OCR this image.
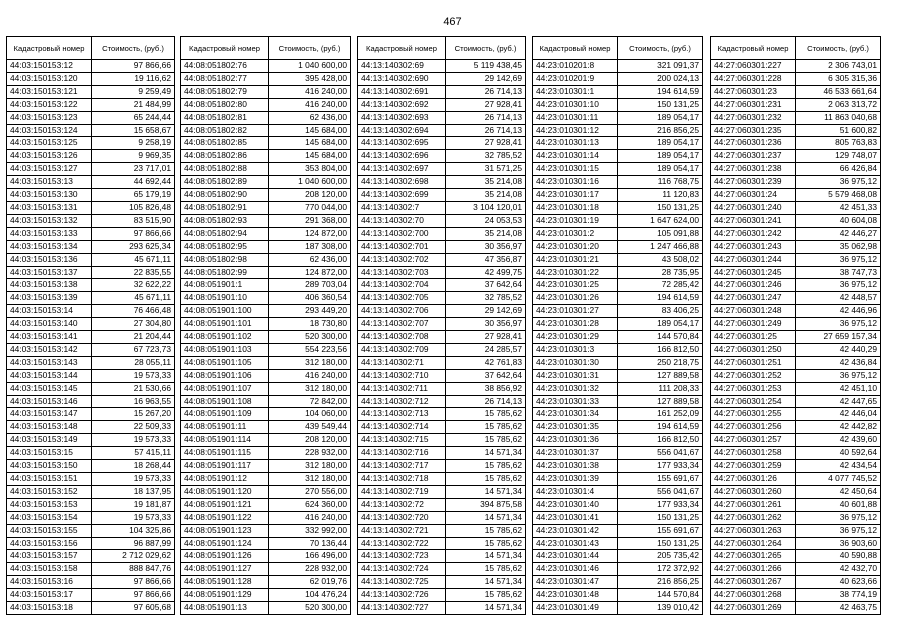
467
Кадастровый номер	Стоимость, (руб.)
44:03:150153:12	97 866,66
44:03:150153:120	19 116,62
44:03:150153:121	9 259,49
44:03:150153:122	21 484,99
44:03:150153:123	65 244,44
44:03:150153:124	15 658,67
44:03:150153:125	9 258,19
44:03:150153:126	9 969,35
44:03:150153:127	23 717,01
44:03:150153:13	44 692,44
44:03:150153:130	65 179,19
44:03:150153:131	105 826,48
44:03:150153:132	83 515,90
44:03:150153:133	97 866,66
44:03:150153:134	293 625,34
44:03:150153:136	45 671,11
44:03:150153:137	22 835,55
44:03:150153:138	32 622,22
44:03:150153:139	45 671,11
44:03:150153:14	76 466,48
44:03:150153:140	27 304,80
44:03:150153:141	21 204,44
44:03:150153:142	67 723,73
44:03:150153:143	28 055,11
44:03:150153:144	19 573,33
44:03:150153:145	21 530,66
44:03:150153:146	16 963,55
44:03:150153:147	15 267,20
44:03:150153:148	22 509,33
44:03:150153:149	19 573,33
44:03:150153:15	57 415,11
44:03:150153:150	18 268,44
44:03:150153:151	19 573,33
44:03:150153:152	18 137,95
44:03:150153:153	19 181,87
44:03:150153:154	19 573,33
44:03:150153:155	104 325,86
44:03:150153:156	96 887,99
44:03:150153:157	2 712 029,62
44:03:150153:158	888 847,76
44:03:150153:16	97 866,66
44:03:150153:17	97 866,66
44:03:150153:18	97 605,68
Кадастровый номер	Стоимость, (руб.)
44:08:051802:76	1 040 600,00
44:08:051802:77	395 428,00
44:08:051802:79	416 240,00
44:08:051802:80	416 240,00
44:08:051802:81	62 436,00
44:08:051802:82	145 684,00
44:08:051802:85	145 684,00
44:08:051802:86	145 684,00
44:08:051802:88	353 804,00
44:08:051802:89	1 040 600,00
44:08:051802:90	208 120,00
44:08:051802:91	770 044,00
44:08:051802:93	291 368,00
44:08:051802:94	124 872,00
44:08:051802:95	187 308,00
44:08:051802:98	62 436,00
44:08:051802:99	124 872,00
44:08:051901:1	289 703,04
44:08:051901:10	406 360,54
44:08:051901:100	293 449,20
44:08:051901:101	18 730,80
44:08:051901:102	520 300,00
44:08:051901:103	554 223,56
44:08:051901:105	312 180,00
44:08:051901:106	416 240,00
44:08:051901:107	312 180,00
44:08:051901:108	72 842,00
44:08:051901:109	104 060,00
44:08:051901:11	439 549,44
44:08:051901:114	208 120,00
44:08:051901:115	228 932,00
44:08:051901:117	312 180,00
44:08:051901:12	312 180,00
44:08:051901:120	270 556,00
44:08:051901:121	624 360,00
44:08:051901:122	416 240,00
44:08:051901:123	332 992,00
44:08:051901:124	70 136,44
44:08:051901:126	166 496,00
44:08:051901:127	228 932,00
44:08:051901:128	62 019,76
44:08:051901:129	104 476,24
44:08:051901:13	520 300,00
Кадастровый номер	Стоимость, (руб.)
44:13:140302:69	5 119 438,45
44:13:140302:690	29 142,69
44:13:140302:691	26 714,13
44:13:140302:692	27 928,41
44:13:140302:693	26 714,13
44:13:140302:694	26 714,13
44:13:140302:695	27 928,41
44:13:140302:696	32 785,52
44:13:140302:697	31 571,25
44:13:140302:698	35 214,08
44:13:140302:699	35 214,08
44:13:140302:7	3 104 120,01
44:13:140302:70	24 053,53
44:13:140302:700	35 214,08
44:13:140302:701	30 356,97
44:13:140302:702	47 356,87
44:13:140302:703	42 499,75
44:13:140302:704	37 642,64
44:13:140302:705	32 785,52
44:13:140302:706	29 142,69
44:13:140302:707	30 356,97
44:13:140302:708	27 928,41
44:13:140302:709	24 285,57
44:13:140302:71	42 761,83
44:13:140302:710	37 642,64
44:13:140302:711	38 856,92
44:13:140302:712	26 714,13
44:13:140302:713	15 785,62
44:13:140302:714	15 785,62
44:13:140302:715	15 785,62
44:13:140302:716	14 571,34
44:13:140302:717	15 785,62
44:13:140302:718	15 785,62
44:13:140302:719	14 571,34
44:13:140302:72	394 875,58
44:13:140302:720	14 571,34
44:13:140302:721	15 785,62
44:13:140302:722	15 785,62
44:13:140302:723	14 571,34
44:13:140302:724	15 785,62
44:13:140302:725	14 571,34
44:13:140302:726	15 785,62
44:13:140302:727	14 571,34
Кадастровый номер	Стоимость, (руб.)
44:23:010201:8	321 091,37
44:23:010201:9	200 024,13
44:23:010301:1	194 614,59
44:23:010301:10	150 131,25
44:23:010301:11	189 054,17
44:23:010301:12	216 856,25
44:23:010301:13	189 054,17
44:23:010301:14	189 054,17
44:23:010301:15	189 054,17
44:23:010301:16	116 768,75
44:23:010301:17	11 120,83
44:23:010301:18	150 131,25
44:23:010301:19	1 647 624,00
44:23:010301:2	105 091,88
44:23:010301:20	1 247 466,88
44:23:010301:21	43 508,02
44:23:010301:22	28 735,95
44:23:010301:25	72 285,42
44:23:010301:26	194 614,59
44:23:010301:27	83 406,25
44:23:010301:28	189 054,17
44:23:010301:29	144 570,84
44:23:010301:3	166 812,50
44:23:010301:30	250 218,75
44:23:010301:31	127 889,58
44:23:010301:32	111 208,33
44:23:010301:33	127 889,58
44:23:010301:34	161 252,09
44:23:010301:35	194 614,59
44:23:010301:36	166 812,50
44:23:010301:37	556 041,67
44:23:010301:38	177 933,34
44:23:010301:39	155 691,67
44:23:010301:4	556 041,67
44:23:010301:40	177 933,34
44:23:010301:41	150 131,25
44:23:010301:42	155 691,67
44:23:010301:43	150 131,25
44:23:010301:44	205 735,42
44:23:010301:46	172 372,92
44:23:010301:47	216 856,25
44:23:010301:48	144 570,84
44:23:010301:49	139 010,42
Кадастровый номер	Стоимость, (руб.)
44:27:060301:227	2 306 743,01
44:27:060301:228	6 305 315,36
44:27:060301:23	46 533 661,64
44:27:060301:231	2 063 313,72
44:27:060301:232	11 863 040,68
44:27:060301:235	51 600,82
44:27:060301:236	805 763,83
44:27:060301:237	129 748,07
44:27:060301:238	66 426,84
44:27:060301:239	36 975,12
44:27:060301:24	5 579 468,08
44:27:060301:240	42 451,33
44:27:060301:241	40 604,08
44:27:060301:242	42 446,27
44:27:060301:243	35 062,98
44:27:060301:244	36 975,12
44:27:060301:245	38 747,73
44:27:060301:246	36 975,12
44:27:060301:247	42 448,57
44:27:060301:248	42 446,96
44:27:060301:249	36 975,12
44:27:060301:25	27 659 157,34
44:27:060301:250	42 440,29
44:27:060301:251	42 436,84
44:27:060301:252	36 975,12
44:27:060301:253	42 451,10
44:27:060301:254	42 447,65
44:27:060301:255	42 446,04
44:27:060301:256	42 442,82
44:27:060301:257	42 439,60
44:27:060301:258	40 592,64
44:27:060301:259	42 434,54
44:27:060301:26	4 077 745,52
44:27:060301:260	42 450,64
44:27:060301:261	40 601,88
44:27:060301:262	36 975,12
44:27:060301:263	36 975,12
44:27:060301:264	36 903,60
44:27:060301:265	40 590,88
44:27:060301:266	42 432,70
44:27:060301:267	40 623,66
44:27:060301:268	38 774,19
44:27:060301:269	42 463,75
